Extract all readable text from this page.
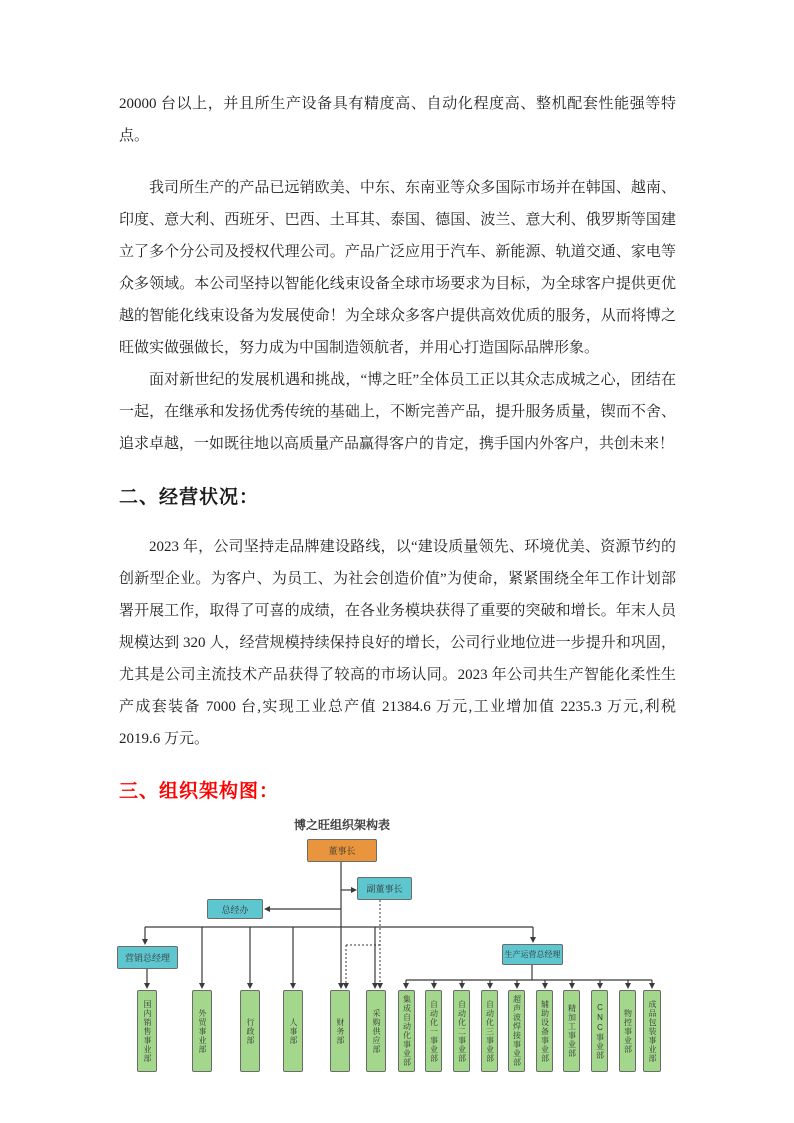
20000 台以上，并且所生产设备具有精度高、自动化程度高、整机配套性能强等特点。

我司所生产的产品已远销欧美、中东、东南亚等众多国际市场并在韩国、越南、印度、意大利、西班牙、巴西、土耳其、泰国、德国、波兰、意大利、俄罗斯等国建立了多个分公司及授权代理公司。产品广泛应用于汽车、新能源、轨道交通、家电等众多领域。本公司坚持以智能化线束设备全球市场要求为目标，为全球客户提供更优越的智能化线束设备为发展使命！为全球众多客户提供高效优质的服务，从而将博之旺做实做强做长，努力成为中国制造领航者，并用心打造国际品牌形象。

面对新世纪的发展机遇和挑战，“博之旺”全体员工正以其众志成城之心，团结在一起，在继承和发扬优秀传统的基础上，不断完善产品，提升服务质量，锲而不舍、追求卓越，一如既往地以高质量产品赢得客户的肯定，携手国内外客户，共创未来！

二、经营状况：

2023 年，公司坚持走品牌建设路线，以“建设质量领先、环境优美、资源节约的创新型企业。为客户、为员工、为社会创造价值”为使命，紧紧围绕全年工作计划部署开展工作，取得了可喜的成绩，在各业务模块获得了重要的突破和增长。年末人员规模达到 320 人，经营规模持续保持良好的增长，公司行业地位进一步提升和巩固，尤其是公司主流技术产品获得了较高的市场认同。2023 年公司共生产智能化柔性生产成套装备 7000 台,实现工业总产值 21384.6 万元,工业增加值 2235.3 万元,利税 2019.6 万元。

三、组织架构图：
博之旺组织架构表
董事长
副董事长
总经办
营销总经理	生产运营总经理
国内销售事业部	外贸事业部	行政部	人事部	财务部	采购供应部	集成自动化事业部	自动化一事业部	自动化二事业部	自动化三事业部	超声波焊接事业部	辅助设备事业部	精加工事业部	CNC事业部	物控事业部	成品包装事业部
